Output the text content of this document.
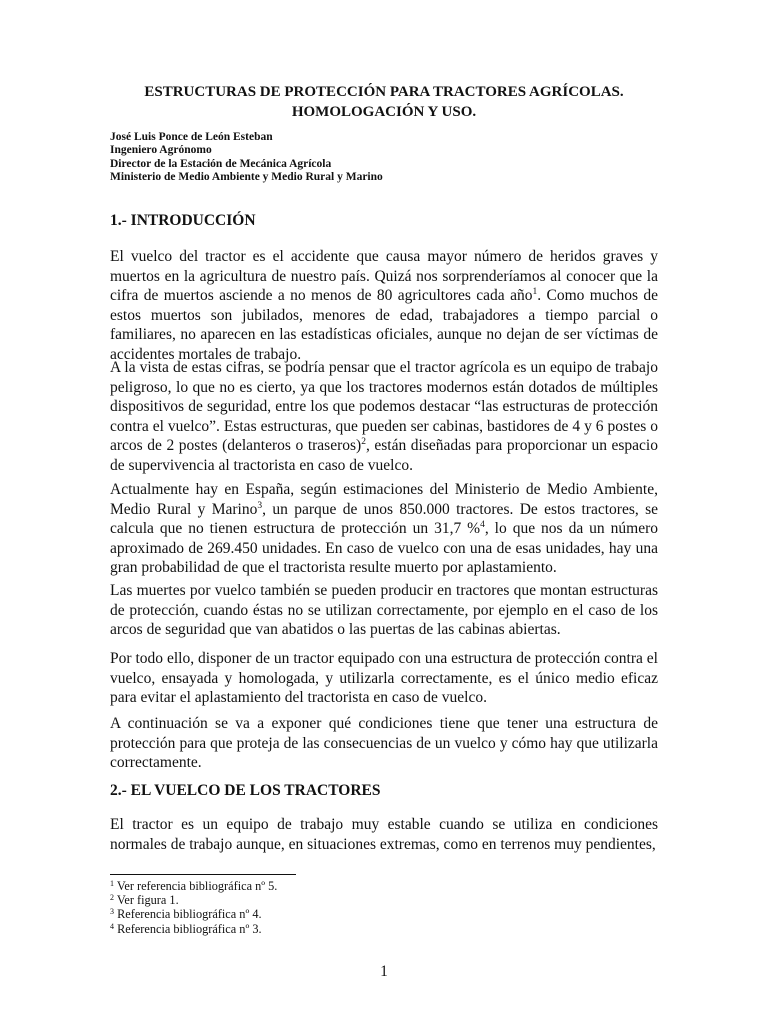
ESTRUCTURAS DE PROTECCIÓN PARA TRACTORES AGRÍCOLAS.
HOMOLOGACIÓN Y USO.
José Luis Ponce de León Esteban
Ingeniero Agrónomo
Director de la Estación de Mecánica Agrícola
Ministerio de Medio Ambiente y Medio Rural y Marino
1.- INTRODUCCIÓN

El vuelco del tractor es el accidente que causa mayor número de heridos graves y muertos en la agricultura de nuestro país. Quizá nos sorprenderíamos al conocer que la cifra de muertos asciende a no menos de 80 agricultores cada año$^1$. Como muchos de estos muertos son jubilados, menores de edad, trabajadores a tiempo parcial o familiares, no aparecen en las estadísticas oficiales, aunque no dejan de ser víctimas de accidentes mortales de trabajo.

A la vista de estas cifras, se podría pensar que el tractor agrícola es un equipo de trabajo peligroso, lo que no es cierto, ya que los tractores modernos están dotados de múltiples dispositivos de seguridad, entre los que podemos destacar “las estructuras de protección contra el vuelco”. Estas estructuras, que pueden ser cabinas, bastidores de 4 y 6 postes o arcos de 2 postes (delanteros o traseros)$^2$, están diseñadas para proporcionar un espacio de supervivencia al tractorista en caso de vuelco.

Actualmente hay en España, según estimaciones del Ministerio de Medio Ambiente, Medio Rural y Marino$^3$, un parque de unos 850.000 tractores. De estos tractores, se calcula que no tienen estructura de protección un 31,7 %$^4$, lo que nos da un número aproximado de 269.450 unidades. En caso de vuelco con una de esas unidades, hay una gran probabilidad de que el tractorista resulte muerto por aplastamiento.

Las muertes por vuelco también se pueden producir en tractores que montan estructuras de protección, cuando éstas no se utilizan correctamente, por ejemplo en el caso de los arcos de seguridad que van abatidos o las puertas de las cabinas abiertas.

Por todo ello, disponer de un tractor equipado con una estructura de protección contra el vuelco, ensayada y homologada, y utilizarla correctamente, es el único medio eficaz para evitar el aplastamiento del tractorista en caso de vuelco.

A continuación se va a exponer qué condiciones tiene que tener una estructura de protección para que proteja de las consecuencias de un vuelco y cómo hay que utilizarla correctamente.

2.- EL VUELCO DE LOS TRACTORES

El tractor es un equipo de trabajo muy estable cuando se utiliza en condiciones normales de trabajo aunque, en situaciones extremas, como en terrenos muy pendientes,

$^1$ Ver referencia bibliográfica nº 5.
$^2$ Ver figura 1.
$^3$ Referencia bibliográfica nº 4.
$^4$ Referencia bibliográfica nº 3.
1
